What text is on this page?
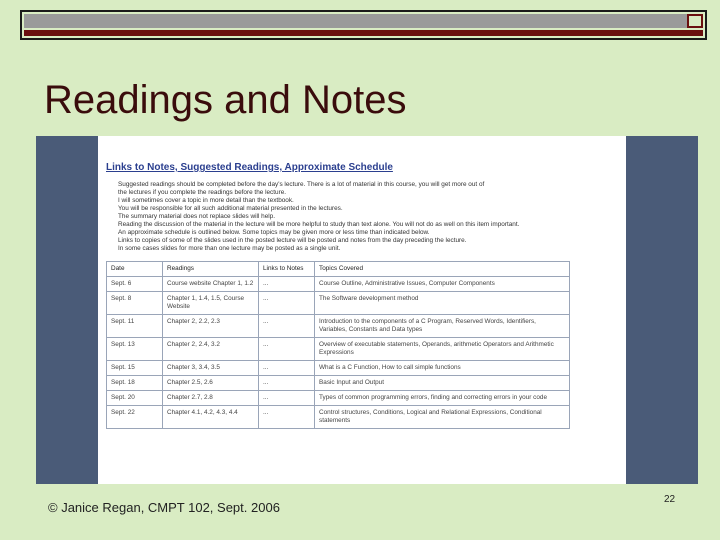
Readings and Notes
Links to Notes, Suggested Readings, Approximate Schedule
• Suggested readings should be completed before the day's lecture. There is a lot of material in this course, you will get more out of
the lectures if you complete the readings before the lecture.
• I will sometimes cover a topic in more detail than the textbook.
You will be responsible for all such additional material presented in the lectures.
The summary material does not replace slides will help.
• Reading the discussion of the material in the lecture will be more helpful to study than text alone. You will not do as well on this item important.
• An approximate schedule is outlined below. Some topics may be given more or less time than indicated below.
• Links to copies of some of the slides used in the posted lecture will be posted and notes from the day preceding the lecture.
• In some cases slides for more than one lecture may be posted as a single unit.
Date	Readings	Links to Notes	Topics Covered
Sept. 6	Course website Chapter 1, 1.2	...	Course Outline, Administrative Issues, Computer Components
Sept. 8	Chapter 1, 1.4, 1.5, Course Website	...	The Software development method
Sept. 11	Chapter 2, 2.2, 2.3	...	Introduction to the components of a C Program, Reserved Words, Identifiers, Variables, Constants and Data types
Sept. 13	Chapter 2, 2.4, 3.2	...	Overview of executable statements, Operands, arithmetic Operators and Arithmetic Expressions
Sept. 15	Chapter 3, 3.4, 3.5	...	What is a C Function, How to call simple functions
Sept. 18	Chapter 2.5, 2.6	...	Basic Input and Output
Sept. 20	Chapter 2.7, 2.8	...	Types of common programming errors, finding and correcting errors in your code
Sept. 22	Chapter 4.1, 4.2, 4.3, 4.4	...	Control structures, Conditions, Logical and Relational Expressions, Conditional statements
© Janice Regan, CMPT 102, Sept. 2006
22
